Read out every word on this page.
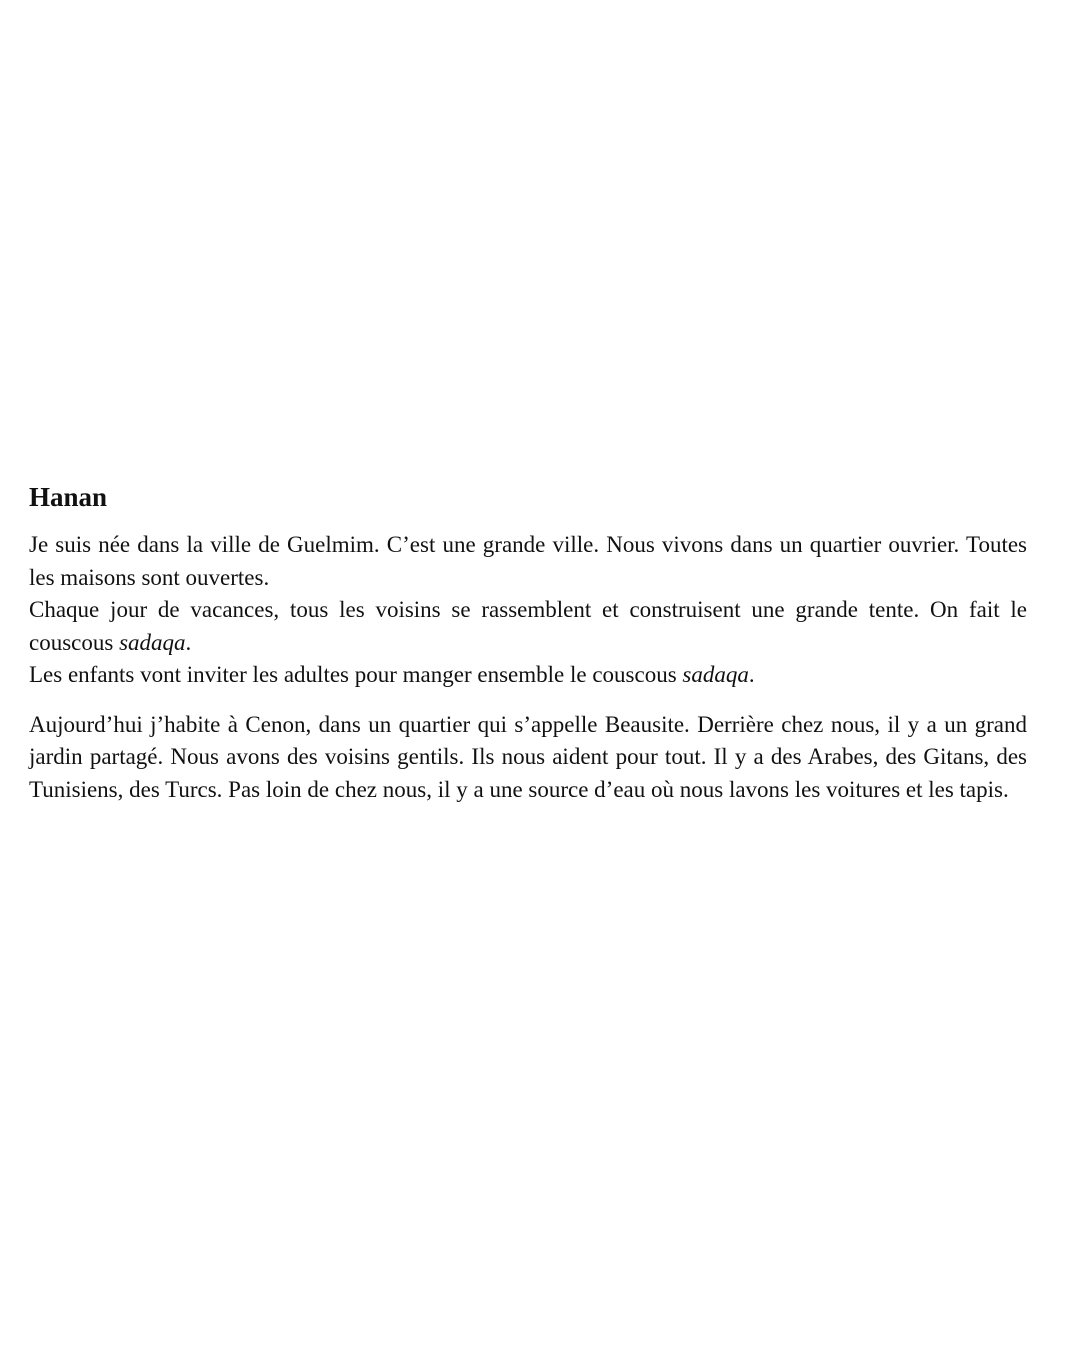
Hanan

Je suis née dans la ville de Guelmim. C’est une grande ville. Nous vivons dans un quartier ouvrier. Toutes les maisons sont ouvertes.

Chaque jour de vacances, tous les voisins se rassemblent et construisent une grande tente. On fait le couscous sadaqa.

Les enfants vont inviter les adultes pour manger ensemble le couscous sadaqa.

Aujourd’hui j’habite à Cenon, dans un quartier qui s’appelle Beausite. Derrière chez nous, il y a un grand jardin partagé. Nous avons des voisins gentils. Ils nous aident pour tout. Il y a des Arabes, des Gitans, des Tunisiens, des Turcs. Pas loin de chez nous, il y a une source d’eau où nous lavons les voitures et les tapis.
